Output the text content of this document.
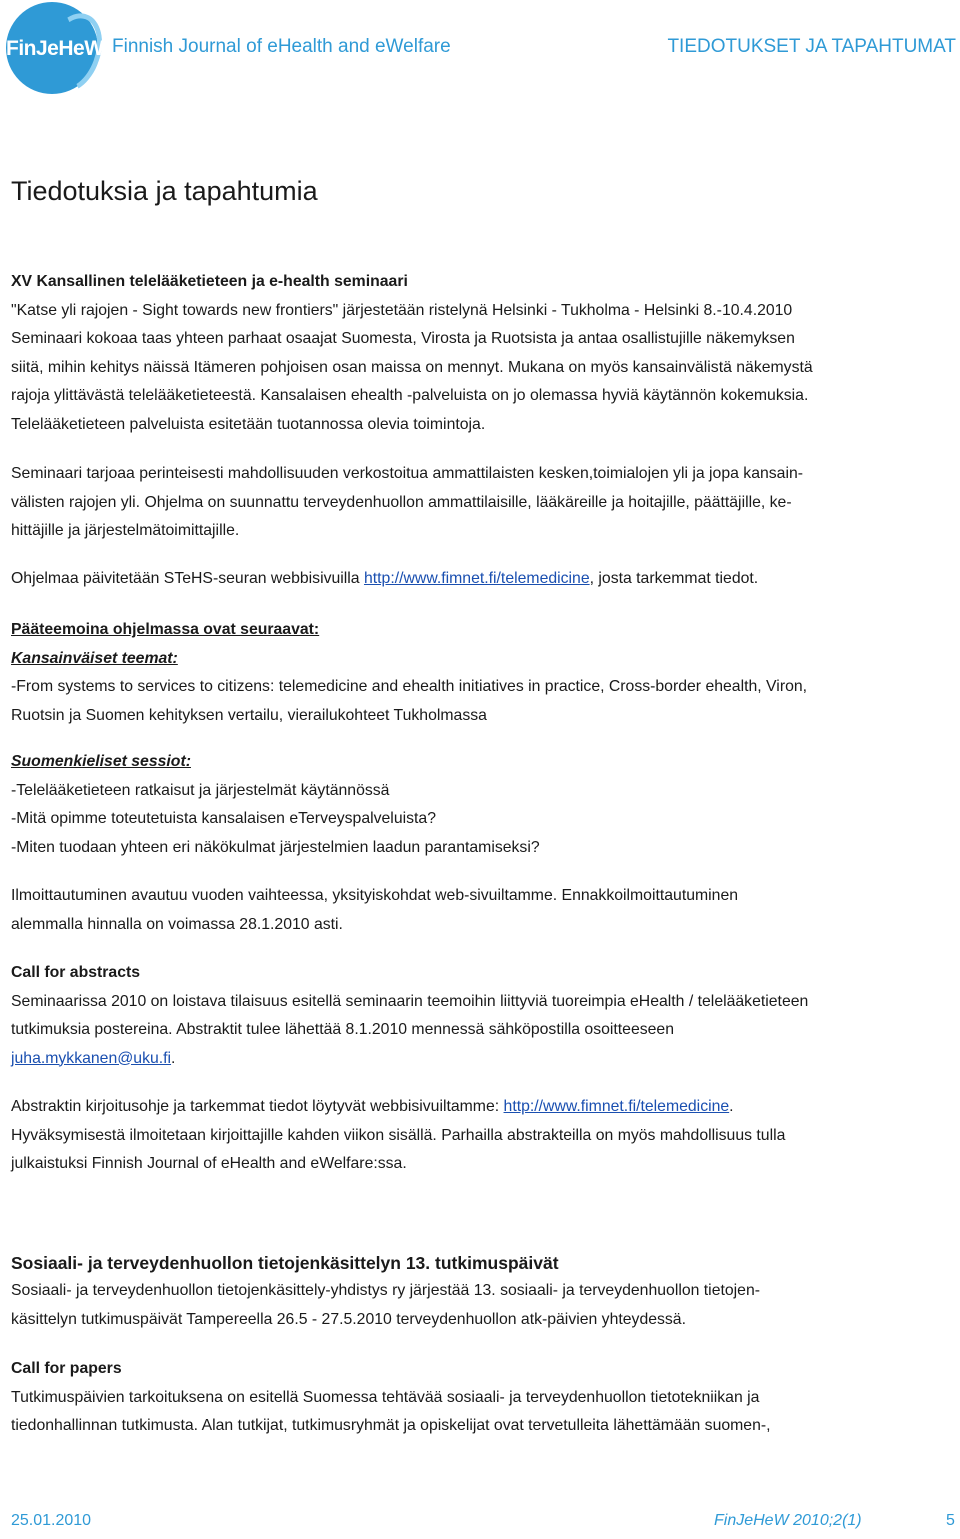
FinJeHeW Finnish Journal of eHealth and eWelfare	TIEDOTUKSET JA TAPAHTUMAT
Tiedotuksia ja tapahtumia

XV Kansallinen telelääketieteen ja e-health seminaari

"Katse yli rajojen - Sight towards new frontiers" järjestetään ristelynä Helsinki - Tukholma - Helsinki 8.-10.4.2010

Seminaari kokoaa taas yhteen parhaat osaajat Suomesta, Virosta ja Ruotsista ja antaa osallistujille näkemyksen

siitä, mihin kehitys näissä Itämeren pohjoisen osan maissa on mennyt. Mukana on myös kansainvälistä näkemystä

rajoja ylittävästä telelääketieteestä. Kansalaisen ehealth -palveluista on jo olemassa hyviä käytännön kokemuksia.

Telelääketieteen palveluista esitetään tuotannossa olevia toimintoja.

Seminaari tarjoaa perinteisesti mahdollisuuden verkostoitua ammattilaisten kesken,toimialojen yli ja jopa kansain-

välisten rajojen yli. Ohjelma on suunnattu terveydenhuollon ammattilaisille, lääkäreille ja hoitajille, päättäjille, ke-

hittäjille ja järjestelmätoimittajille.

Ohjelmaa päivitetään STeHS-seuran webbisivuilla http://www.fimnet.fi/telemedicine, josta tarkemmat tiedot.

Pääteemoina ohjelmassa ovat seuraavat:

Kansainväiset teemat:

-From systems to services to citizens: telemedicine and ehealth initiatives in practice, Cross-border ehealth, Viron,

Ruotsin ja Suomen kehityksen vertailu, vierailukohteet Tukholmassa

Suomenkieliset sessiot:

-Telelääketieteen ratkaisut ja järjestelmät käytännössä

-Mitä opimme toteutetuista kansalaisen eTerveyspalveluista?

-Miten tuodaan yhteen eri näkökulmat järjestelmien laadun parantamiseksi?

Ilmoittautuminen avautuu vuoden vaihteessa, yksityiskohdat web-sivuiltamme. Ennakkoilmoittautuminen

alemmalla hinnalla on voimassa 28.1.2010 asti.

Call for abstracts

Seminaarissa 2010 on loistava tilaisuus esitellä seminaarin teemoihin liittyviä tuoreimpia eHealth / telelääketieteen

tutkimuksia postereina. Abstraktit tulee lähettää 8.1.2010 mennessä sähköpostilla osoitteeseen

juha.mykkanen@uku.fi.

Abstraktin kirjoitusohje ja tarkemmat tiedot löytyvät webbisivuiltamme: http://www.fimnet.fi/telemedicine.

Hyväksymisestä ilmoitetaan kirjoittajille kahden viikon sisällä. Parhailla abstrakteilla on myös mahdollisuus tulla

julkaistuksi Finnish Journal of eHealth and eWelfare:ssa.

Sosiaali- ja terveydenhuollon tietojenkäsittelyn 13. tutkimuspäivät

Sosiaali- ja terveydenhuollon tietojenkäsittely-yhdistys ry järjestää 13. sosiaali- ja terveydenhuollon tietojen-

käsittelyn tutkimuspäivät Tampereella 26.5 - 27.5.2010 terveydenhuollon atk-päivien yhteydessä.

Call for papers

Tutkimuspäivien tarkoituksena on esitellä Suomessa tehtävää sosiaali- ja terveydenhuollon tietotekniikan ja

tiedonhallinnan tutkimusta. Alan tutkijat, tutkimusryhmät ja opiskelijat ovat tervetulleita lähettämään suomen-,

25.01.2010	FinJeHeW 2010;2(1)	5
